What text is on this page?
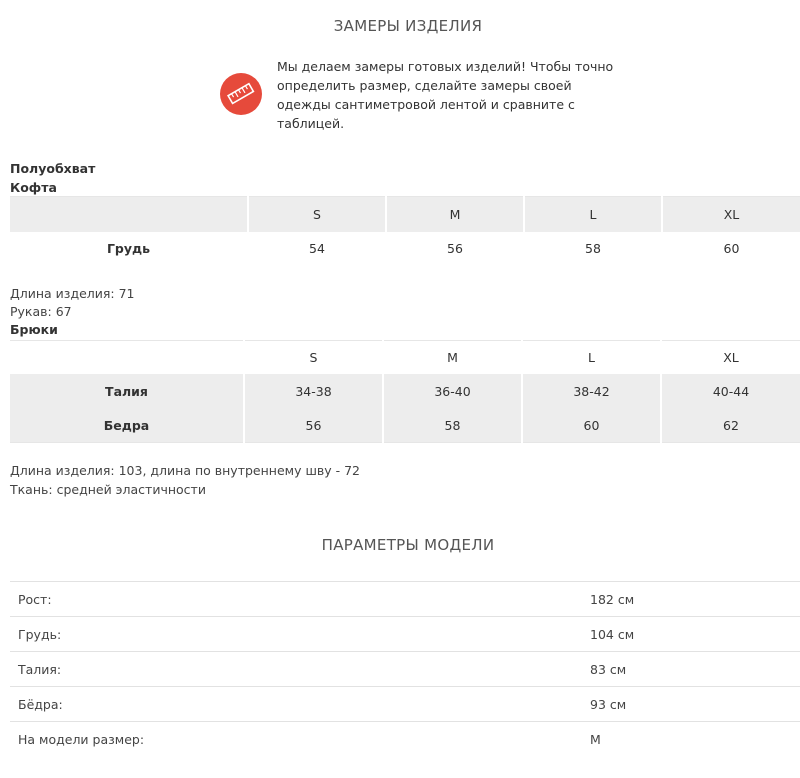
ЗАМЕРЫ ИЗДЕЛИЯ
Мы делаем замеры готовых изделий! Чтобы точно
определить размер, сделайте замеры своей
одежды сантиметровой лентой и сравните с
таблицей.
Полуобхват
Кофта
	S	M	L	XL
Грудь	54	56	58	60
Длина изделия: 71
Рукав: 67
Брюки
	S	M	L	XL
Талия	34-38	36-40	38-42	40-44
Бедра	56	58	60	62
Длина изделия: 103, длина по внутреннему шву - 72
Ткань: средней эластичности
ПАРАМЕТРЫ МОДЕЛИ
Рост:	182 см
Грудь:	104 см
Талия:	83 см
Бёдра:	93 см
На модели размер:	M
